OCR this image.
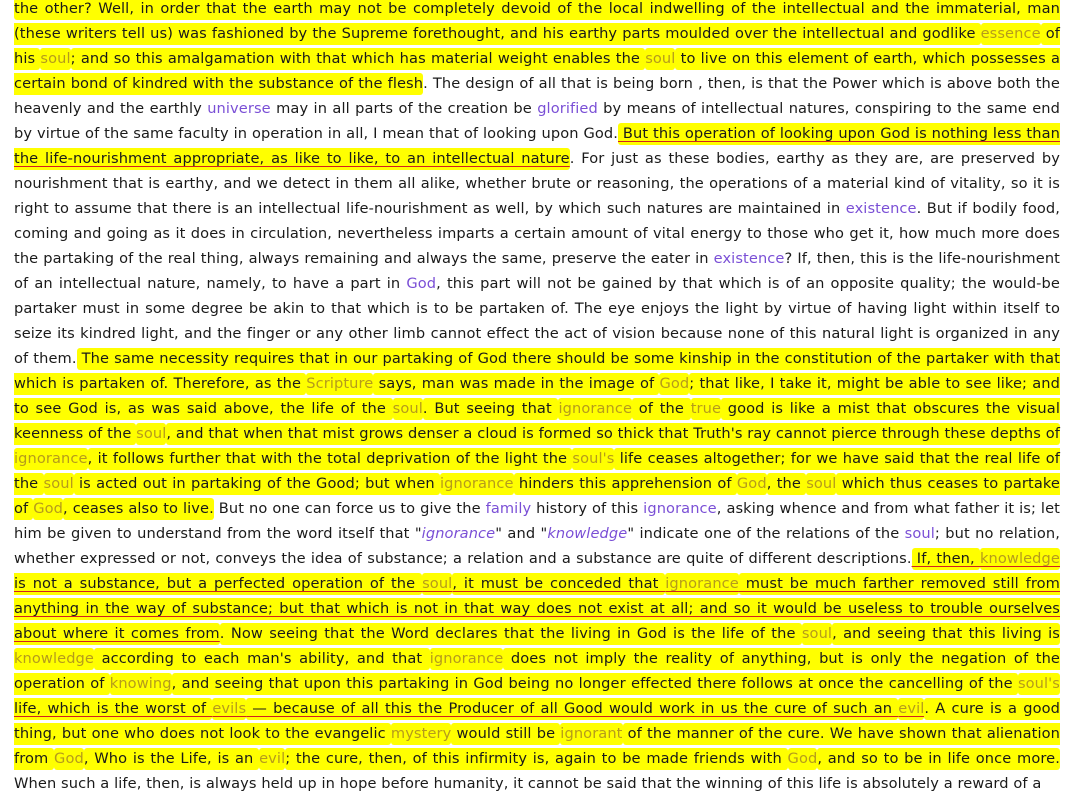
the other? Well, in order that the earth may not be completely devoid of the local indwelling of the intellectual and the immaterial, man (these writers tell us) was fashioned by the Supreme forethought, and his earthy parts moulded over the intellectual and godlike essence of his soul; and so this amalgamation with that which has material weight enables the soul to live on this element of earth, which possesses a certain bond of kindred with the substance of the flesh. The design of all that is being born , then, is that the Power which is above both the heavenly and the earthly universe may in all parts of the creation be glorified by means of intellectual natures, conspiring to the same end by virtue of the same faculty in operation in all, I mean that of looking upon God. But this operation of looking upon God is nothing less than the life-nourishment appropriate, as like to like, to an intellectual nature. For just as these bodies, earthy as they are, are preserved by nourishment that is earthy, and we detect in them all alike, whether brute or reasoning, the operations of a material kind of vitality, so it is right to assume that there is an intellectual life-nourishment as well, by which such natures are maintained in existence. But if bodily food, coming and going as it does in circulation, nevertheless imparts a certain amount of vital energy to those who get it, how much more does the partaking of the real thing, always remaining and always the same, preserve the eater in existence? If, then, this is the life-nourishment of an intellectual nature, namely, to have a part in God, this part will not be gained by that which is of an opposite quality; the would-be partaker must in some degree be akin to that which is to be partaken of. The eye enjoys the light by virtue of having light within itself to seize its kindred light, and the finger or any other limb cannot effect the act of vision because none of this natural light is organized in any of them. The same necessity requires that in our partaking of God there should be some kinship in the constitution of the partaker with that which is partaken of. Therefore, as the Scripture says, man was made in the image of God; that like, I take it, might be able to see like; and to see God is, as was said above, the life of the soul. But seeing that ignorance of the true good is like a mist that obscures the visual keenness of the soul, and that when that mist grows denser a cloud is formed so thick that Truth's ray cannot pierce through these depths of ignorance, it follows further that with the total deprivation of the light the soul's life ceases altogether; for we have said that the real life of the soul is acted out in partaking of the Good; but when ignorance hinders this apprehension of God, the soul which thus ceases to partake of God, ceases also to live. But no one can force us to give the family history of this ignorance, asking whence and from what father it is; let him be given to understand from the word itself that "ignorance" and "knowledge" indicate one of the relations of the soul; but no relation, whether expressed or not, conveys the idea of substance; a relation and a substance are quite of different descriptions. If, then, knowledge is not a substance, but a perfected operation of the soul, it must be conceded that ignorance must be much farther removed still from anything in the way of substance; but that which is not in that way does not exist at all; and so it would be useless to trouble ourselves about where it comes from. Now seeing that the Word declares that the living in God is the life of the soul, and seeing that this living is knowledge according to each man's ability, and that ignorance does not imply the reality of anything, but is only the negation of the operation of knowing, and seeing that upon this partaking in God being no longer effected there follows at once the cancelling of the soul's life, which is the worst of evils — because of all this the Producer of all Good would work in us the cure of such an evil. A cure is a good thing, but one who does not look to the evangelic mystery would still be ignorant of the manner of the cure. We have shown that alienation from God, Who is the Life, is an evil; the cure, then, of this infirmity is, again to be made friends with God, and so to be in life once more. When such a life, then, is always held up in hope before humanity, it cannot be said that the winning of this life is absolutely a reward of a
